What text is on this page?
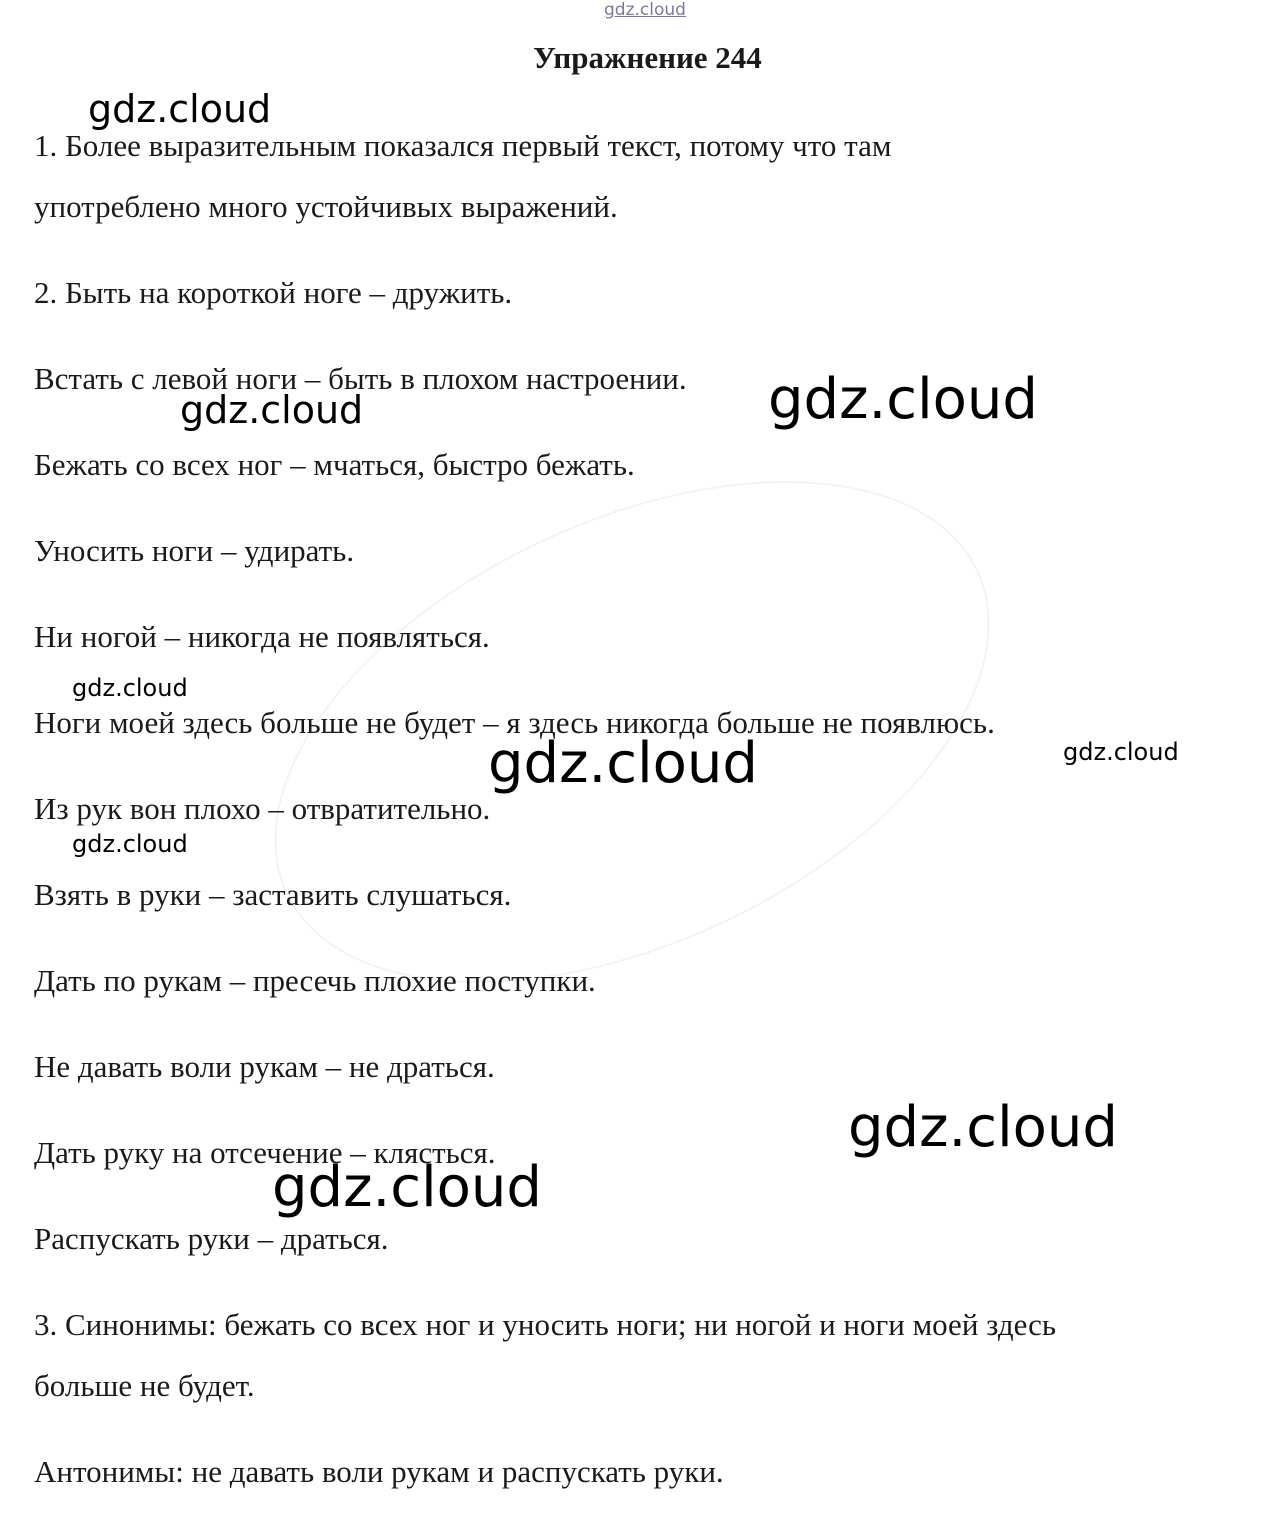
gdz.cloud
Упражнение 244
1. Более выразительным показался первый текст, потому что там
употреблено много устойчивых выражений.
2. Быть на короткой ноге – дружить.
Встать с левой ноги – быть в плохом настроении.
Бежать со всех ног – мчаться, быстро бежать.
Уносить ноги – удирать.
Ни ногой – никогда не появляться.
Ноги моей здесь больше не будет – я здесь никогда больше не появлюсь.
Из рук вон плохо – отвратительно.
Взять в руки – заставить слушаться.
Дать по рукам – пресечь плохие поступки.
Не давать воли рукам – не драться.
Дать руку на отсечение – клясться.
Распускать руки – драться.
3. Синонимы: бежать со всех ног и уносить ноги; ни ногой и ноги моей здесь
больше не будет.
Антонимы: не давать воли рукам и распускать руки.
gdz.cloud
gdz.cloud	gdz.cloud
gdz.cloud
gdz.cloud
gdz.cloud
gdz.cloud
gdz.cloud
gdz.cloud
